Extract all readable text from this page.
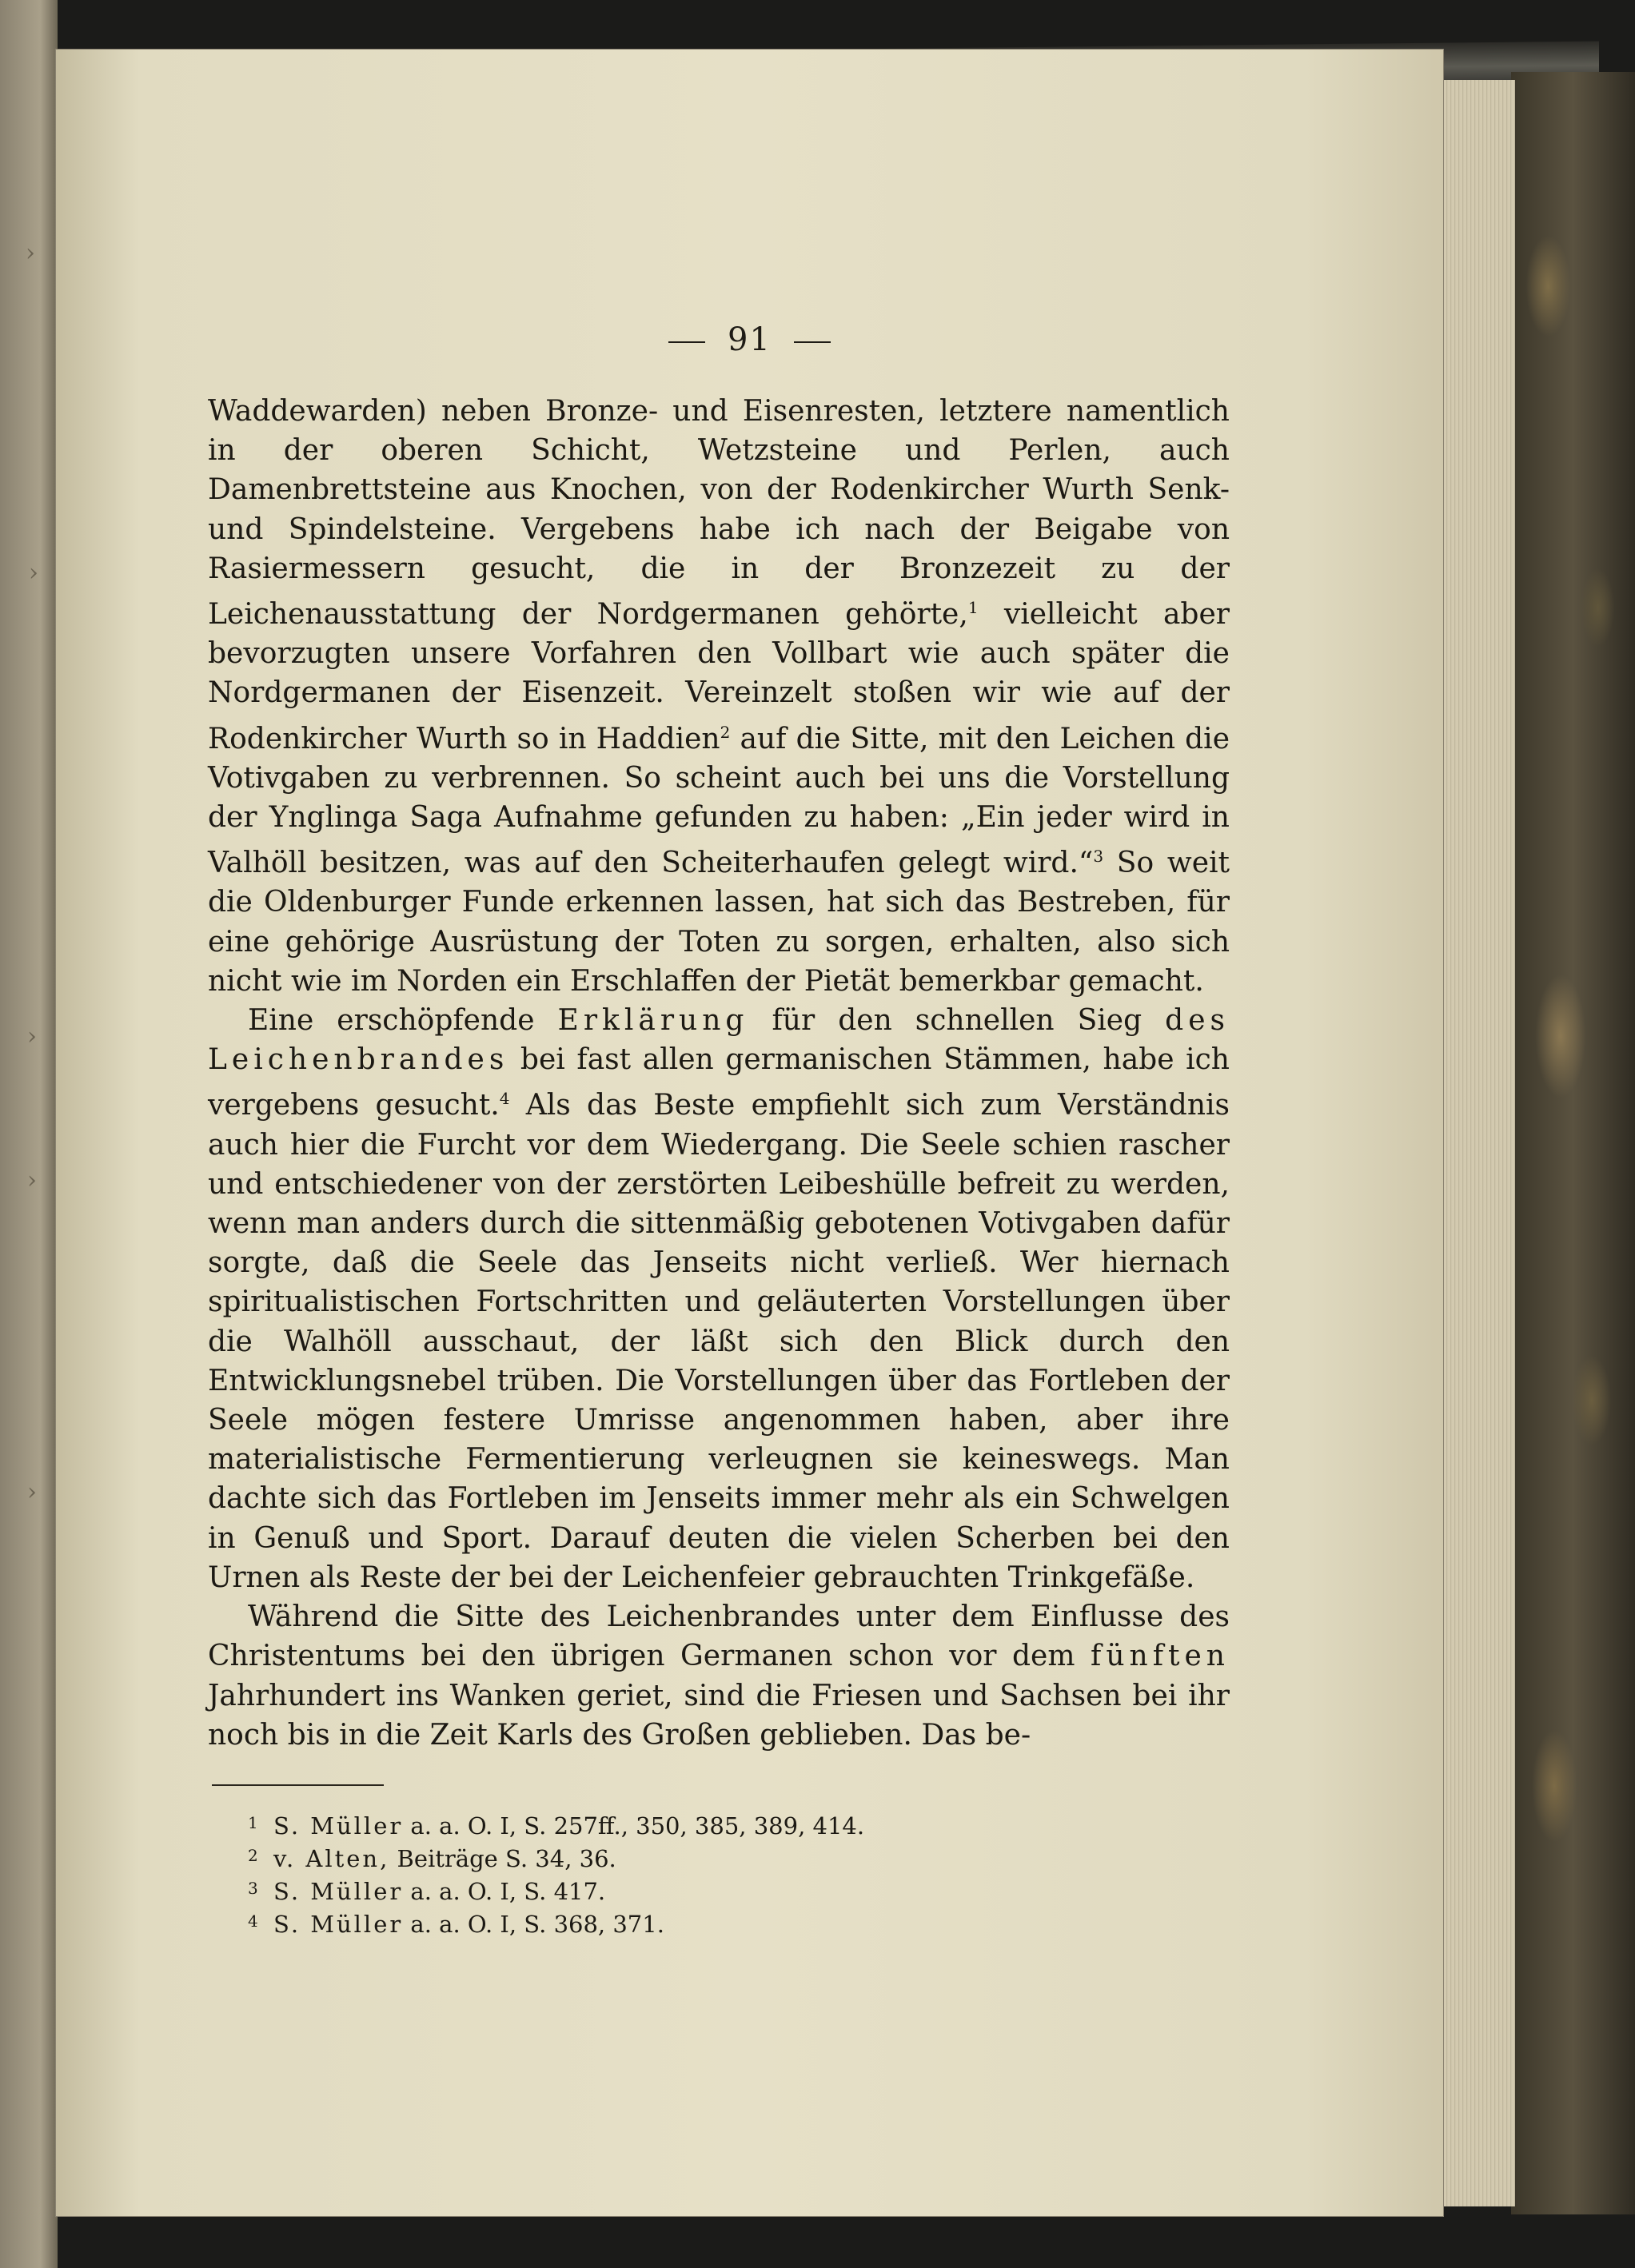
›
›
›
›
›
91

Waddewarden) neben Bronze- und Eisenresten, letztere namentlich in der oberen Schicht, Wetzsteine und Perlen, auch Damenbrettsteine aus Knochen, von der Rodenkircher Wurth Senk- und Spindelsteine. Vergebens habe ich nach der Beigabe von Rasiermessern gesucht, die in der Bronzezeit zu der Leichenausstattung der Nordgermanen gehörte,$^1$ vielleicht aber bevorzugten unsere Vorfahren den Vollbart wie auch später die Nordgermanen der Eisenzeit. Vereinzelt stoßen wir wie auf der Rodenkircher Wurth so in Haddien$^2$ auf die Sitte, mit den Leichen die Votivgaben zu verbrennen. So scheint auch bei uns die Vorstellung der Ynglinga Saga Aufnahme gefunden zu haben: „Ein jeder wird in Valhöll besitzen, was auf den Scheiterhaufen gelegt wird.“$^3$ So weit die Oldenburger Funde erkennen lassen, hat sich das Bestreben, für eine gehörige Ausrüstung der Toten zu sorgen, erhalten, also sich nicht wie im Norden ein Erschlaffen der Pietät bemerkbar gemacht.

Eine erschöpfende Erklärung für den schnellen Sieg des Leichenbrandes bei fast allen germanischen Stämmen, habe ich vergebens gesucht.$^4$ Als das Beste empfiehlt sich zum Verständnis auch hier die Furcht vor dem Wiedergang. Die Seele schien rascher und entschiedener von der zerstörten Leibeshülle befreit zu werden, wenn man anders durch die sittenmäßig gebotenen Votivgaben dafür sorgte, daß die Seele das Jenseits nicht verließ. Wer hiernach spiritualistischen Fortschritten und geläuterten Vorstellungen über die Walhöll ausschaut, der läßt sich den Blick durch den Entwicklungsnebel trüben. Die Vorstellungen über das Fortleben der Seele mögen festere Umrisse angenommen haben, aber ihre materialistische Fermentierung verleugnen sie keineswegs. Man dachte sich das Fortleben im Jenseits immer mehr als ein Schwelgen in Genuß und Sport. Darauf deuten die vielen Scherben bei den Urnen als Reste der bei der Leichenfeier gebrauchten Trinkgefäße.

Während die Sitte des Leichenbrandes unter dem Einflusse des Christentums bei den übrigen Germanen schon vor dem fünften Jahrhundert ins Wanken geriet, sind die Friesen und Sachsen bei ihr noch bis in die Zeit Karls des Großen geblieben. Das be-

1 S. Müller a. a. O. I, S. 257ff., 350, 385, 389, 414.
2 v. Alten, Beiträge S. 34, 36.
3 S. Müller a. a. O. I, S. 417.
4 S. Müller a. a. O. I, S. 368, 371.
